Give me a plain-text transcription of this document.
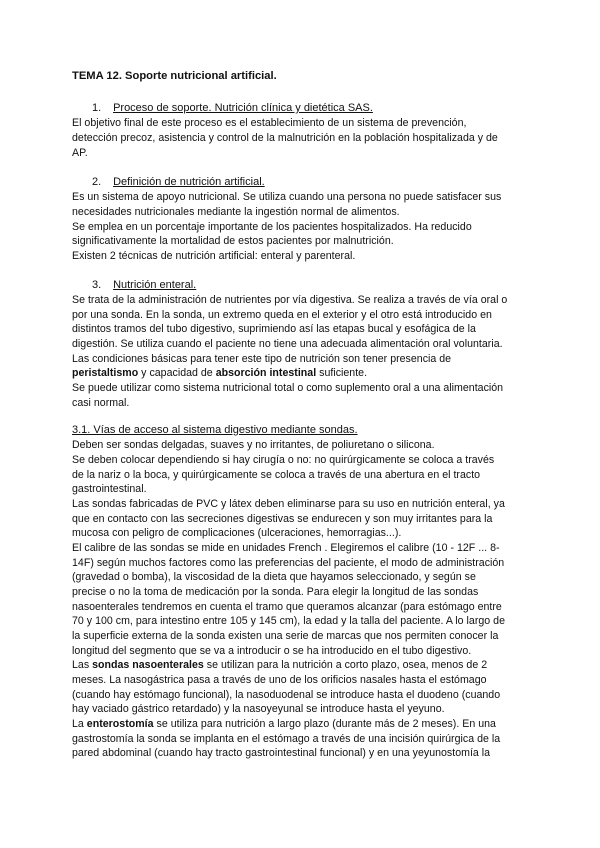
TEMA 12. Soporte nutricional artificial.
1. Proceso de soporte. Nutrición clínica y dietética SAS.
El objetivo final de este proceso es el establecimiento de un sistema de prevención,
detección precoz, asistencia y control de la malnutrición en la población hospitalizada y de
AP.
2. Definición de nutrición artificial.
Es un sistema de apoyo nutricional. Se utiliza cuando una persona no puede satisfacer sus
necesidades nutricionales mediante la ingestión normal de alimentos.
Se emplea en un porcentaje importante de los pacientes hospitalizados. Ha reducido
significativamente la mortalidad de estos pacientes por malnutrición.
Existen 2 técnicas de nutrición artificial: enteral y parenteral.
3. Nutrición enteral.
Se trata de la administración de nutrientes por vía digestiva. Se realiza a través de vía oral o
por una sonda. En la sonda, un extremo queda en el exterior y el otro está introducido en
distintos tramos del tubo digestivo, suprimiendo así las etapas bucal y esofágica de la
digestión. Se utiliza cuando el paciente no tiene una adecuada alimentación oral voluntaria.
Las condiciones básicas para tener este tipo de nutrición son tener presencia de
peristaltismo y capacidad de absorción intestinal suficiente.
Se puede utilizar como sistema nutricional total o como suplemento oral a una alimentación
casi normal.
3.1. Vías de acceso al sistema digestivo mediante sondas.
Deben ser sondas delgadas, suaves y no irritantes, de poliuretano o silicona.
Se deben colocar dependiendo si hay cirugía o no: no quirúrgicamente se coloca a través
de la nariz o la boca, y quirúrgicamente se coloca a través de una abertura en el tracto
gastrointestinal.
Las sondas fabricadas de PVC y látex deben eliminarse para su uso en nutrición enteral, ya
que en contacto con las secreciones digestivas se endurecen y son muy irritantes para la
mucosa con peligro de complicaciones (ulceraciones, hemorragias...).
El calibre de las sondas se mide en unidades French . Elegiremos el calibre (10 - 12F ... 8-
14F) según muchos factores como las preferencias del paciente, el modo de administración
(gravedad o bomba), la viscosidad de la dieta que hayamos seleccionado, y según se
precise o no la toma de medicación por la sonda. Para elegir la longitud de las sondas
nasoenterales tendremos en cuenta el tramo que queramos alcanzar (para estómago entre
70 y 100 cm, para intestino entre 105 y 145 cm), la edad y la talla del paciente. A lo largo de
la superficie externa de la sonda existen una serie de marcas que nos permiten conocer la
longitud del segmento que se va a introducir o se ha introducido en el tubo digestivo.
Las sondas nasoenterales se utilizan para la nutrición a corto plazo, osea, menos de 2
meses. La nasogástrica pasa a través de uno de los orificios nasales hasta el estómago
(cuando hay estómago funcional), la nasoduodenal se introduce hasta el duodeno (cuando
hay vaciado gástrico retardado) y la nasoyeyunal se introduce hasta el yeyuno.
La enterostomía se utiliza para nutrición a largo plazo (durante más de 2 meses). En una
gastrostomía la sonda se implanta en el estómago a través de una incisión quirúrgica de la
pared abdominal (cuando hay tracto gastrointestinal funcional) y en una yeyunostomía la
